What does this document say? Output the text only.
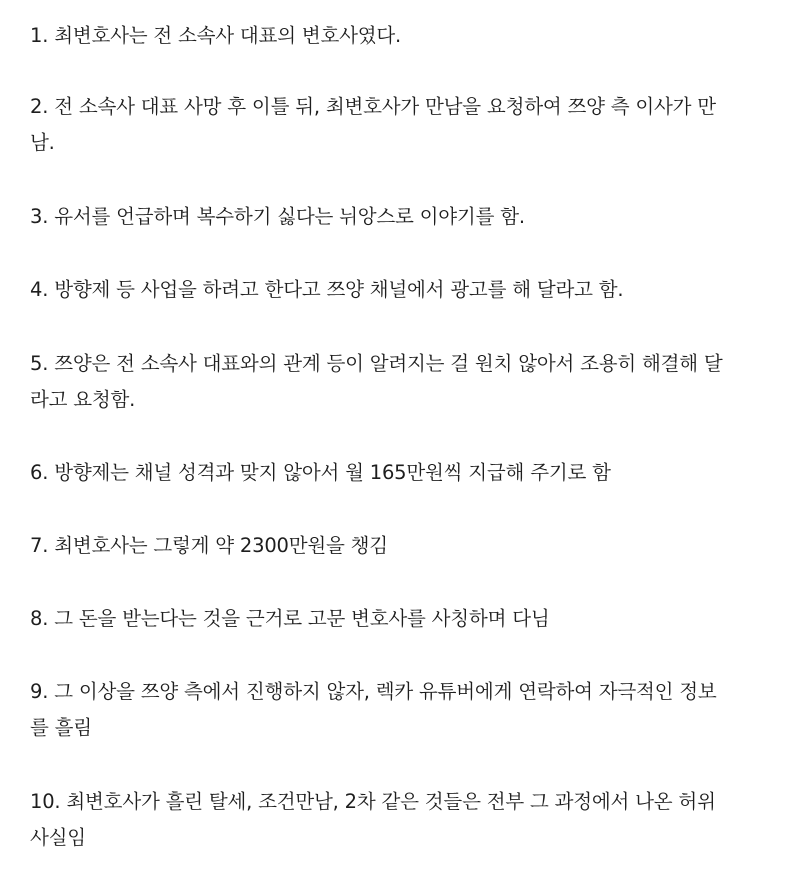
1. 최변호사는 전 소속사 대표의 변호사였다.

2. 전 소속사 대표 사망 후 이틀 뒤, 최변호사가 만남을 요청하여 쯔양 측 이사가 만
남.

3. 유서를 언급하며 복수하기 싫다는 뉘앙스로 이야기를 함.

4. 방향제 등 사업을 하려고 한다고 쯔양 채널에서 광고를 해 달라고 함.

5. 쯔양은 전 소속사 대표와의 관계 등이 알려지는 걸 원치 않아서 조용히 해결해 달
라고 요청함.

6. 방향제는 채널 성격과 맞지 않아서 월 165만원씩 지급해 주기로 함

7. 최변호사는 그렇게 약 2300만원을 챙김

8. 그 돈을 받는다는 것을 근거로 고문 변호사를 사칭하며 다님

9. 그 이상을 쯔양 측에서 진행하지 않자, 렉카 유튜버에게 연락하여 자극적인 정보
를 흘림

10. 최변호사가 흘린 탈세, 조건만남, 2차 같은 것들은 전부 그 과정에서 나온 허위
사실임
